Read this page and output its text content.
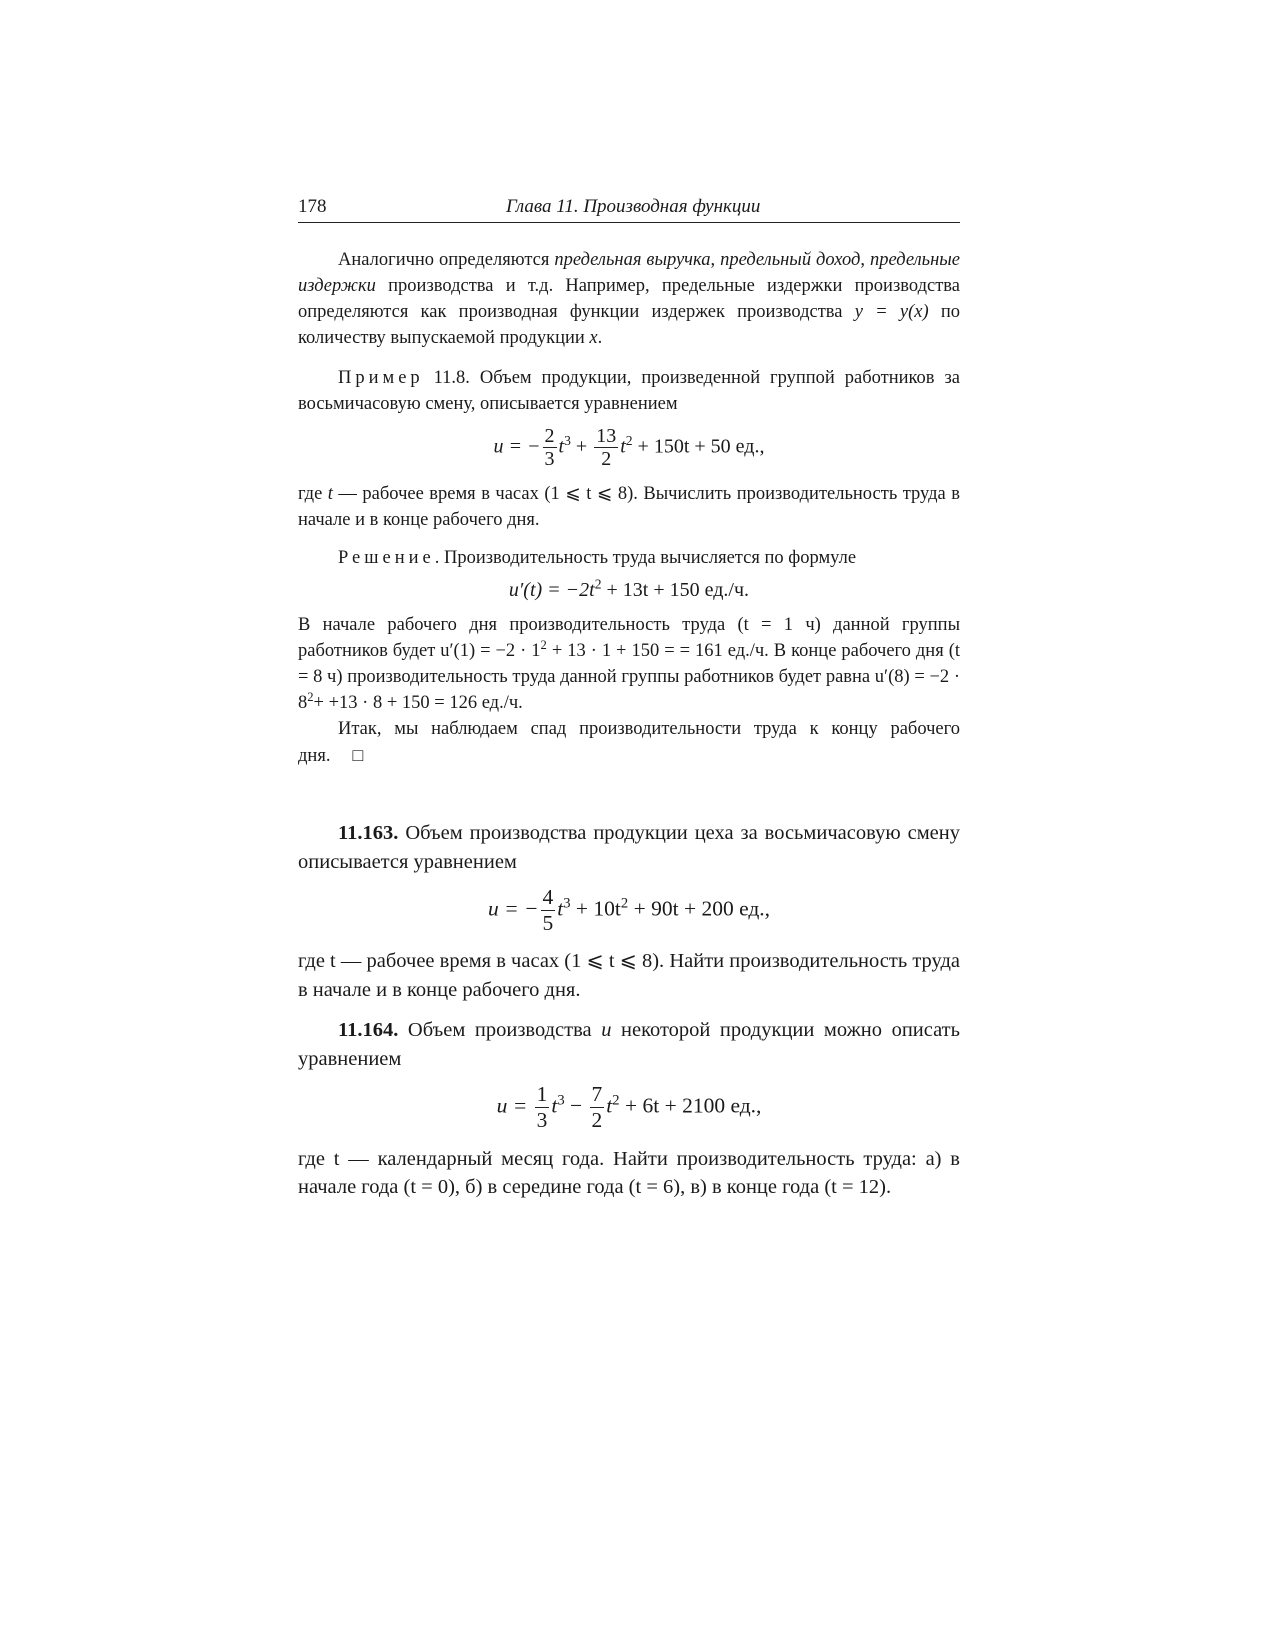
178	Глава 11. Производная функции

Аналогично определяются предельная выручка, предельный доход, предельные издержки производства и т.д. Например, предельные издержки производства определяются как производная функции издержек производства y = y(x) по количеству выпускаемой продукции x.

Пример 11.8. Объем продукции, произведенной группой работников за восьмичасовую смену, описывается уравнением

u = − $\frac{2}{3} t^3 + \frac{13}{2} t^2 + 150t + 50$ ед.,

где t — рабочее время в часах (1 ⩽ t ⩽ 8). Вычислить производительность труда в начале и в конце рабочего дня.

Решение. Производительность труда вычисляется по формуле

$u'(t) = -2t^2 + 13t + 150$ ед./ч.

В начале рабочего дня производительность труда (t = 1 ч) данной группы работников будет $u'(1) = -2 \cdot 1^2 + 13 \cdot 1 + 150$ = = 161 ед./ч. В конце рабочего дня (t = 8 ч) производительность труда данной группы работников будет равна $u'(8) = -2 \cdot 8^2+ +13 \cdot 8 + 150 = 126$ ед./ч.

Итак, мы наблюдаем спад производительности труда к концу рабочего дня. □

11.163. Объем производства продукции цеха за восьмичасовую смену описывается уравнением

u = − $\frac{4}{5} t^3 + 10t^2 + 90t + 200$ ед.,

где t — рабочее время в часах (1 ⩽ t ⩽ 8). Найти производительность труда в начале и в конце рабочего дня.

11.164. Объем производства u некоторой продукции можно описать уравнением

$u = \frac{1}{3} t^3 - \frac{7}{2} t^2 + 6t + 2100$ ед.,

где t — календарный месяц года. Найти производительность труда: а) в начале года (t = 0), б) в середине года (t = 6), в) в конце года (t = 12).
